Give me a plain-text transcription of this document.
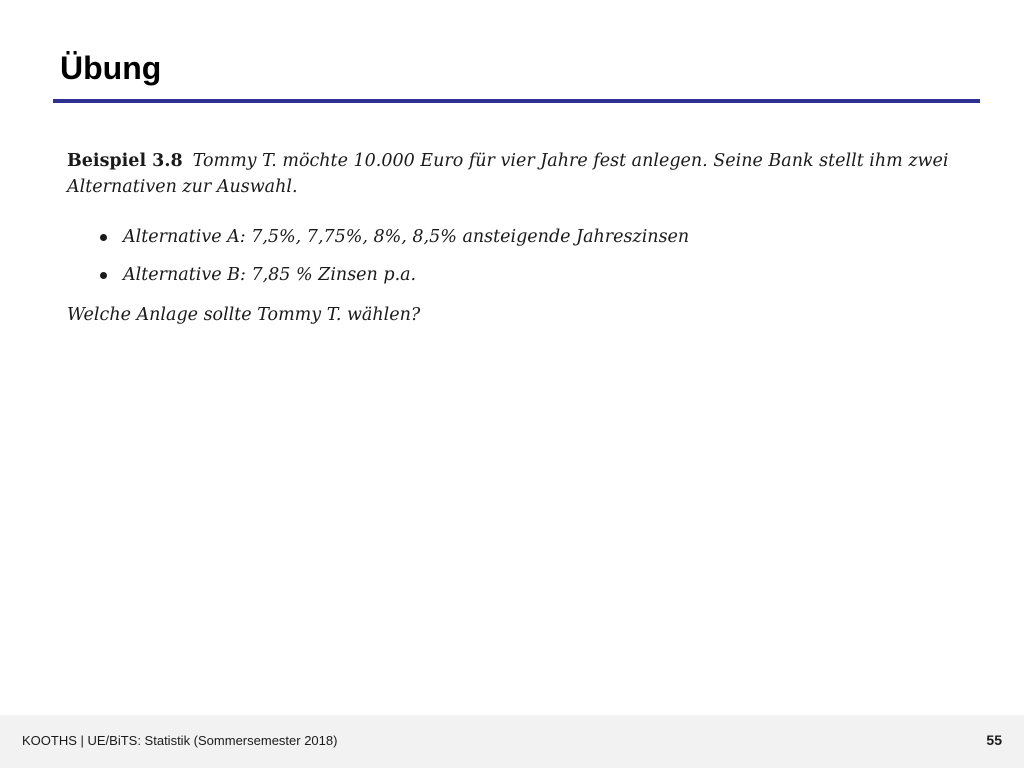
Übung

Beispiel 3.8 Tommy T. möchte 10.000 Euro für vier Jahre fest anlegen. Seine Bank stellt ihm zwei Alternativen zur Auswahl.

Alternative A: 7,5%, 7,75%, 8%, 8,5% ansteigende Jahreszinsen
Alternative B: 7,85 % Zinsen p.a.

Welche Anlage sollte Tommy T. wählen?

KOOTHS | UE/BiTS: Statistik (Sommersemester 2018)	55
